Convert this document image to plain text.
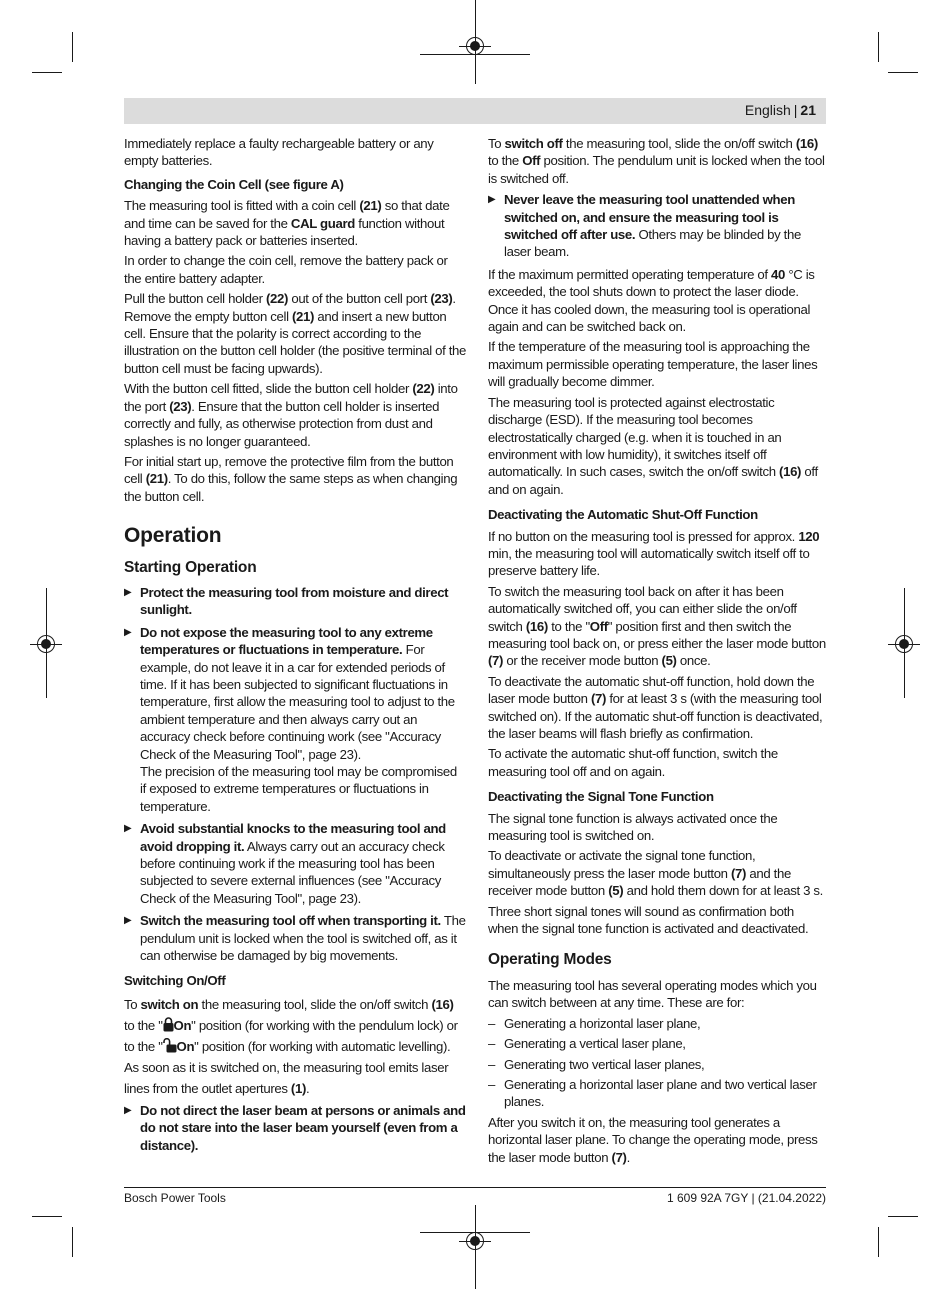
English | 21

Immediately replace a faulty rechargeable battery or any empty batteries.

Changing the Coin Cell (see figure A)

The measuring tool is fitted with a coin cell (21) so that date and time can be saved for the CAL guard function without having a battery pack or batteries inserted.

In order to change the coin cell, remove the battery pack or the entire battery adapter.

Pull the button cell holder (22) out of the button cell port (23). Remove the empty button cell (21) and insert a new button cell. Ensure that the polarity is correct according to the illustration on the button cell holder (the positive terminal of the button cell must be facing upwards).

With the button cell fitted, slide the button cell holder (22) into the port (23). Ensure that the button cell holder is inserted correctly and fully, as otherwise protection from dust and splashes is no longer guaranteed.

For initial start up, remove the protective film from the button cell (21). To do this, follow the same steps as when changing the button cell.

Operation
Starting Operation
▶ Protect the measuring tool from moisture and direct sunlight.
▶ Do not expose the measuring tool to any extreme temperatures or fluctuations in temperature. For example, do not leave it in a car for extended periods of time. If it has been subjected to significant fluctuations in temperature, first allow the measuring tool to adjust to the ambient temperature and then always carry out an accuracy check before continuing work (see "Accuracy Check of the Measuring Tool", page 23).
The precision of the measuring tool may be compromised if exposed to extreme temperatures or fluctuations in temperature.
▶ Avoid substantial knocks to the measuring tool and avoid dropping it. Always carry out an accuracy check before continuing work if the measuring tool has been subjected to severe external influences (see "Accuracy Check of the Measuring Tool", page 23).
▶ Switch the measuring tool off when transporting it. The pendulum unit is locked when the tool is switched off, as it can otherwise be damaged by big movements.
Switching On/Off

To switch on the measuring tool, slide the on/off switch (16) to the " On" position (for working with the pendulum lock) or to the " On" position (for working with automatic levelling). As soon as it is switched on, the measuring tool emits laser lines from the outlet apertures (1).

▶ Do not direct the laser beam at persons or animals and do not stare into the laser beam yourself (even from a distance).

To switch off the measuring tool, slide the on/off switch (16) to the Off position. The pendulum unit is locked when the tool is switched off.

▶ Never leave the measuring tool unattended when switched on, and ensure the measuring tool is switched off after use. Others may be blinded by the laser beam.

If the maximum permitted operating temperature of 40 °C is exceeded, the tool shuts down to protect the laser diode. Once it has cooled down, the measuring tool is operational again and can be switched back on.

If the temperature of the measuring tool is approaching the maximum permissible operating temperature, the laser lines will gradually become dimmer.

The measuring tool is protected against electrostatic discharge (ESD). If the measuring tool becomes electrostatically charged (e.g. when it is touched in an environment with low humidity), it switches itself off automatically. In such cases, switch the on/off switch (16) off and on again.

Deactivating the Automatic Shut-Off Function

If no button on the measuring tool is pressed for approx. 120 min, the measuring tool will automatically switch itself off to preserve battery life.

To switch the measuring tool back on after it has been automatically switched off, you can either slide the on/off switch (16) to the "Off" position first and then switch the measuring tool back on, or press either the laser mode button (7) or the receiver mode button (5) once.

To deactivate the automatic shut-off function, hold down the laser mode button (7) for at least 3 s (with the measuring tool switched on). If the automatic shut-off function is deactivated, the laser beams will flash briefly as confirmation.

To activate the automatic shut-off function, switch the measuring tool off and on again.

Deactivating the Signal Tone Function

The signal tone function is always activated once the measuring tool is switched on.

To deactivate or activate the signal tone function, simultaneously press the laser mode button (7) and the receiver mode button (5) and hold them down for at least 3 s.

Three short signal tones will sound as confirmation both when the signal tone function is activated and deactivated.

Operating Modes

The measuring tool has several operating modes which you can switch between at any time. These are for:

– Generating a horizontal laser plane,
– Generating a vertical laser plane,
– Generating two vertical laser planes,
– Generating a horizontal laser plane and two vertical laser planes.

After you switch it on, the measuring tool generates a horizontal laser plane. To change the operating mode, press the laser mode button (7).

Bosch Power Tools	1 609 92A 7GY | (21.04.2022)
